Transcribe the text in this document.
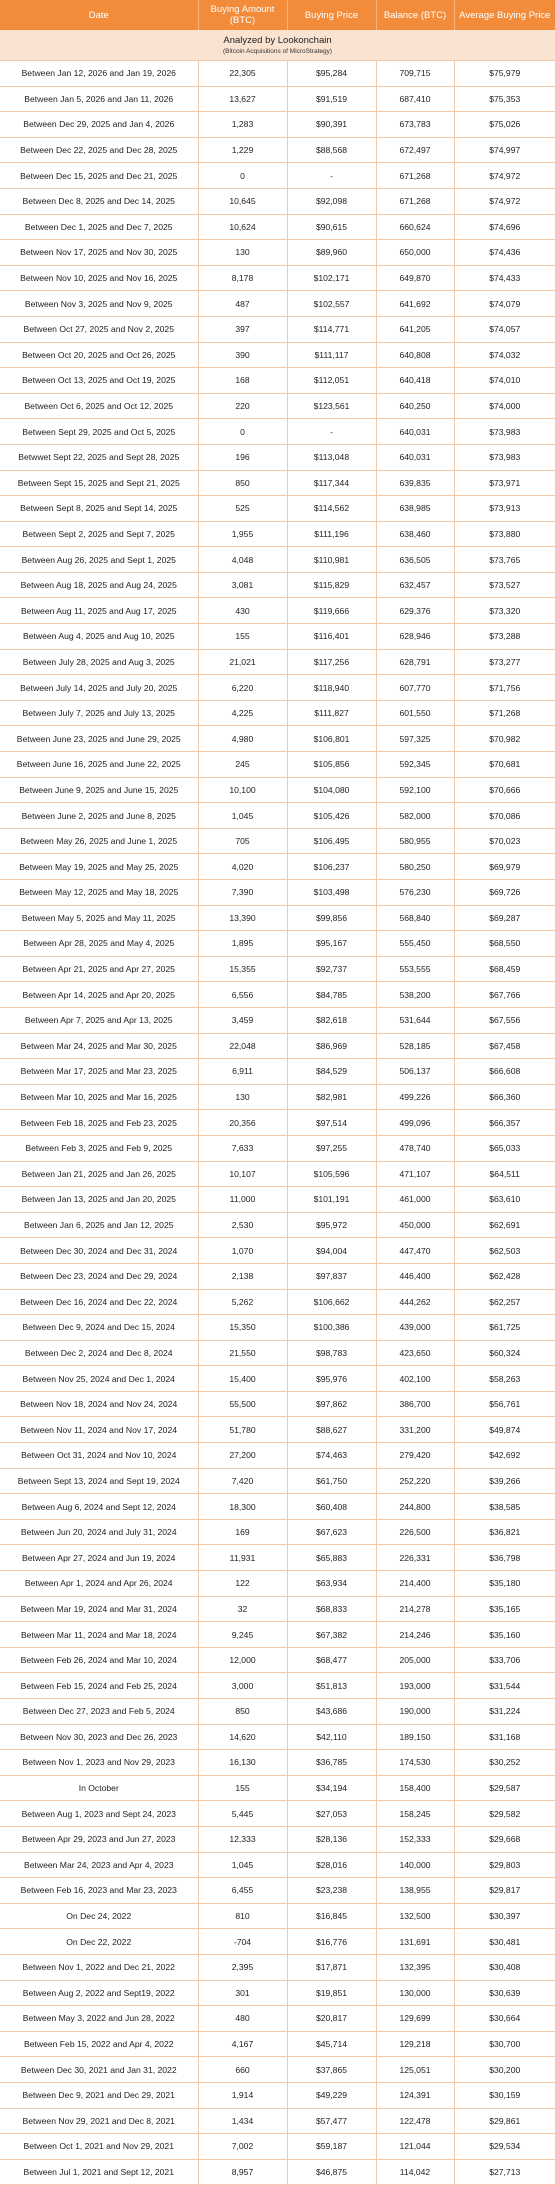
Date	Buying Amount (BTC)	Buying Price	Balance (BTC)	Average Buying Price

Analyzed by Lookonchain
(Bitcoin Acquisitions of MicroStrategy)				

Between Jan 12, 2026 and Jan 19, 2026	22,305	$95,284	709,715	$75,979
Between Jan 5, 2026 and Jan 11, 2026	13,627	$91,519	687,410	$75,353
Between Dec 29, 2025 and Jan 4, 2026	1,283	$90,391	673,783	$75,026
Between Dec 22, 2025 and Dec 28, 2025	1,229	$88,568	672,497	$74,997
Between Dec 15, 2025 and Dec 21, 2025	0	-	671,268	$74,972
Between Dec 8, 2025 and Dec 14, 2025	10,645	$92,098	671,268	$74,972
Between Dec 1, 2025 and Dec 7, 2025	10,624	$90,615	660,624	$74,696
Between Nov 17, 2025 and Nov 30, 2025	130	$89,960	650,000	$74,436
Between Nov 10, 2025 and Nov 16, 2025	8,178	$102,171	649,870	$74,433
Between Nov 3, 2025 and Nov 9, 2025	487	$102,557	641,692	$74,079
Between Oct 27, 2025 and Nov 2, 2025	397	$114,771	641,205	$74,057
Between Oct 20, 2025 and Oct 26, 2025	390	$111,117	640,808	$74,032
Between Oct 13, 2025 and Oct 19, 2025	168	$112,051	640,418	$74,010
Between Oct 6, 2025 and Oct 12, 2025	220	$123,561	640,250	$74,000
Between Sept 29, 2025 and Oct 5, 2025	0	-	640,031	$73,983
Betwwet Sept 22, 2025 and Sept 28, 2025	196	$113,048	640,031	$73,983
Between Sept 15, 2025 and Sept 21, 2025	850	$117,344	639,835	$73,971
Between Sept 8, 2025 and Sept 14, 2025	525	$114,562	638,985	$73,913
Between Sept 2, 2025 and Sept 7, 2025	1,955	$111,196	638,460	$73,880
Between Aug 26, 2025 and Sept 1, 2025	4,048	$110,981	636,505	$73,765
Between Aug 18, 2025 and Aug 24, 2025	3,081	$115,829	632,457	$73,527
Between Aug 11, 2025 and Aug 17, 2025	430	$119,666	629,376	$73,320
Between Aug 4, 2025 and Aug 10, 2025	155	$116,401	628,946	$73,288
Between July 28, 2025 and Aug 3, 2025	21,021	$117,256	628,791	$73,277
Between July 14, 2025 and July 20, 2025	6,220	$118,940	607,770	$71,756
Between July 7, 2025 and July 13, 2025	4,225	$111,827	601,550	$71,268
Between June 23, 2025 and June 29, 2025	4,980	$106,801	597,325	$70,982
Between June 16, 2025 and June 22, 2025	245	$105,856	592,345	$70,681
Between June 9, 2025 and June 15, 2025	10,100	$104,080	592,100	$70,666
Between June 2, 2025 and June 8, 2025	1,045	$105,426	582,000	$70,086
Between May 26, 2025 and June 1, 2025	705	$106,495	580,955	$70,023
Between May 19, 2025 and May 25, 2025	4,020	$106,237	580,250	$69,979
Between May 12, 2025 and May 18, 2025	7,390	$103,498	576,230	$69,726
Between May 5, 2025 and May 11, 2025	13,390	$99,856	568,840	$69,287
Between Apr 28, 2025 and May 4, 2025	1,895	$95,167	555,450	$68,550
Between Apr 21, 2025 and Apr 27, 2025	15,355	$92,737	553,555	$68,459
Between Apr 14, 2025 and Apr 20, 2025	6,556	$84,785	538,200	$67,766
Between Apr 7, 2025 and Apr 13, 2025	3,459	$82,618	531,644	$67,556
Between Mar 24, 2025 and Mar 30, 2025	22,048	$86,969	528,185	$67,458
Between Mar 17, 2025 and Mar 23, 2025	6,911	$84,529	506,137	$66,608
Between Mar 10, 2025 and Mar 16, 2025	130	$82,981	499,226	$66,360
Between Feb 18, 2025 and Feb 23, 2025	20,356	$97,514	499,096	$66,357
Between Feb 3, 2025 and Feb 9, 2025	7,633	$97,255	478,740	$65,033
Between Jan 21, 2025 and Jan 26, 2025	10,107	$105,596	471,107	$64,511
Between Jan 13, 2025 and Jan 20, 2025	11,000	$101,191	461,000	$63,610
Between Jan 6, 2025 and Jan 12, 2025	2,530	$95,972	450,000	$62,691
Between Dec 30, 2024 and Dec 31, 2024	1,070	$94,004	447,470	$62,503
Between Dec 23, 2024 and Dec 29, 2024	2,138	$97,837	446,400	$62,428
Between Dec 16, 2024 and Dec 22, 2024	5,262	$106,662	444,262	$62,257
Between Dec 9, 2024 and Dec 15, 2024	15,350	$100,386	439,000	$61,725
Between Dec 2, 2024 and Dec 8, 2024	21,550	$98,783	423,650	$60,324
Between Nov 25, 2024 and Dec 1, 2024	15,400	$95,976	402,100	$58,263
Between Nov 18, 2024 and Nov 24, 2024	55,500	$97,862	386,700	$56,761
Between Nov 11, 2024 and Nov 17, 2024	51,780	$88,627	331,200	$49,874
Between Oct 31, 2024 and Nov 10, 2024	27,200	$74,463	279,420	$42,692
Between Sept 13, 2024 and Sept 19, 2024	7,420	$61,750	252,220	$39,266
Between Aug 6, 2024 and Sept 12, 2024	18,300	$60,408	244,800	$38,585
Between Jun 20, 2024 and July 31, 2024	169	$67,623	226,500	$36,821
Between Apr 27, 2024 and Jun 19, 2024	11,931	$65,883	226,331	$36,798
Between Apr 1, 2024 and Apr 26, 2024	122	$63,934	214,400	$35,180
Between Mar 19, 2024 and Mar 31, 2024	32	$68,833	214,278	$35,165
Between Mar 11, 2024 and Mar 18, 2024	9,245	$67,382	214,246	$35,160
Between Feb 26, 2024 and Mar 10, 2024	12,000	$68,477	205,000	$33,706
Between Feb 15, 2024 and Feb 25, 2024	3,000	$51,813	193,000	$31,544
Between Dec 27, 2023 and Feb 5, 2024	850	$43,686	190,000	$31,224
Between Nov 30, 2023 and Dec 26, 2023	14,620	$42,110	189,150	$31,168
Between Nov 1, 2023 and Nov 29, 2023	16,130	$36,785	174,530	$30,252
In October	155	$34,194	158,400	$29,587
Between Aug 1, 2023 and Sept 24, 2023	5,445	$27,053	158,245	$29,582
Between Apr 29, 2023 and Jun 27, 2023	12,333	$28,136	152,333	$29,668
Between Mar 24, 2023 and Apr 4, 2023	1,045	$28,016	140,000	$29,803
Between Feb 16, 2023 and Mar 23, 2023	6,455	$23,238	138,955	$29,817
On Dec 24, 2022	810	$16,845	132,500	$30,397
On Dec 22, 2022	-704	$16,776	131,691	$30,481
Between Nov 1, 2022 and Dec 21, 2022	2,395	$17,871	132,395	$30,408
Between Aug 2, 2022 and Sept19, 2022	301	$19,851	130,000	$30,639
Between May 3, 2022 and Jun 28, 2022	480	$20,817	129,699	$30,664
Between Feb 15, 2022 and Apr 4, 2022	4,167	$45,714	129,218	$30,700
Between Dec 30, 2021 and Jan 31, 2022	660	$37,865	125,051	$30,200
Between Dec 9, 2021 and Dec 29, 2021	1,914	$49,229	124,391	$30,159
Between Nov 29, 2021 and Dec 8, 2021	1,434	$57,477	122,478	$29,861
Between Oct 1, 2021 and Nov 29, 2021	7,002	$59,187	121,044	$29,534
Between Jul 1, 2021 and Sept 12, 2021	8,957	$46,875	114,042	$27,713
